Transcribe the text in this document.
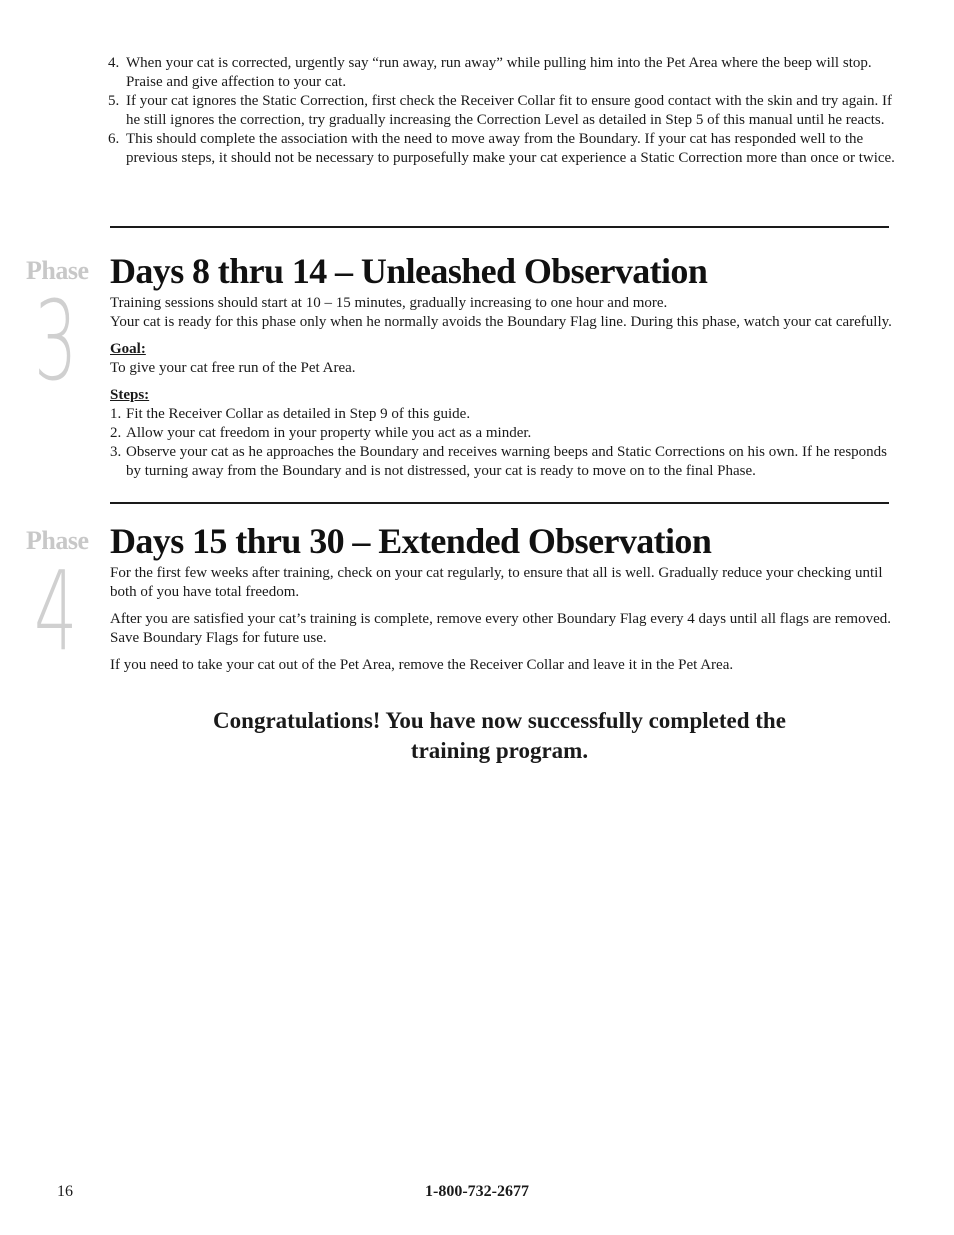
4. When your cat is corrected, urgently say “run away, run away” while pulling him into the Pet Area where the beep will stop. Praise and give affection to your cat.
5. If your cat ignores the Static Correction, first check the Receiver Collar fit to ensure good contact with the skin and try again. If he still ignores the correction, try gradually increasing the Correction Level as detailed in Step 5 of this manual until he reacts.
6. This should complete the association with the need to move away from the Boundary. If your cat has responded well to the previous steps, it should not be necessary to purposefully make your cat experience a Static Correction more than once or twice.
Phase
3
Days 8 thru 14 – Unleashed Observation

Training sessions should start at 10 – 15 minutes, gradually increasing to one hour and more.

Your cat is ready for this phase only when he normally avoids the Boundary Flag line. During this phase, watch your cat carefully.

Goal:

To give your cat free run of the Pet Area.

Steps:

1. Fit the Receiver Collar as detailed in Step 9 of this guide.
2. Allow your cat freedom in your property while you act as a minder.
3. Observe your cat as he approaches the Boundary and receives warning beeps and Static Corrections on his own. If he responds by turning away from the Boundary and is not distressed, your cat is ready to move on to the final Phase.
Phase
4
Days 15 thru 30 – Extended Observation

For the first few weeks after training, check on your cat regularly, to ensure that all is well. Gradually reduce your checking until both of you have total freedom.

After you are satisfied your cat’s training is complete, remove every other Boundary Flag every 4 days until all flags are removed. Save Boundary Flags for future use.

If you need to take your cat out of the Pet Area, remove the Receiver Collar and leave it in the Pet Area.

Congratulations! You have now successfully completed the
training program.
16	1-800-732-2677
